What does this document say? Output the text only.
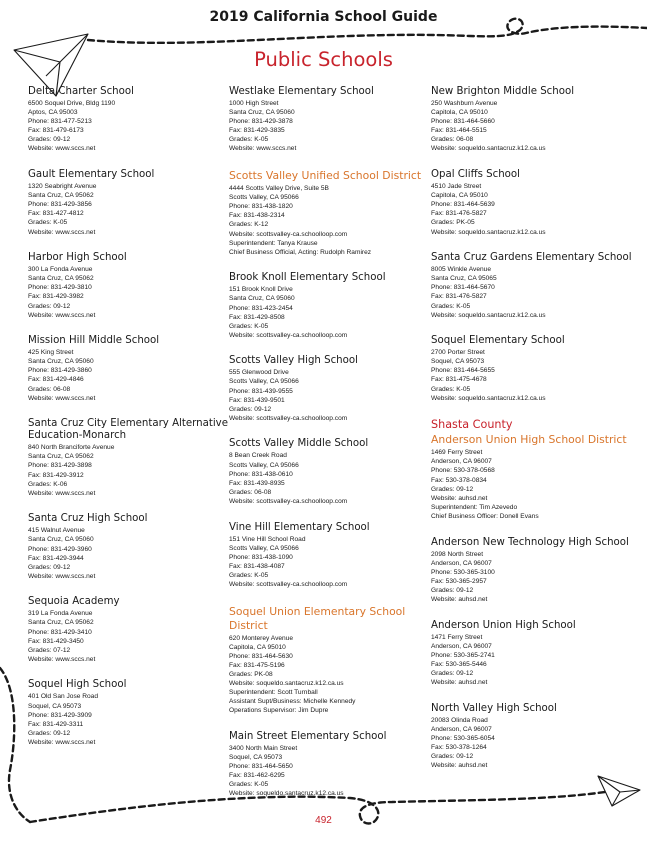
2019 California School Guide
Public Schools
Delta Charter School
6500 Soquel Drive, Bldg 1190
Aptos, CA 95003
Phone: 831-477-5213
Fax: 831-479-6173
Grades: 09-12
Website: www.sccs.net
Gault Elementary School
1320 Seabright Avenue
Santa Cruz, CA 95062
Phone: 831-429-3856
Fax: 831-427-4812
Grades: K-05
Website: www.sccs.net
Harbor High School
300 La Fonda Avenue
Santa Cruz, CA 95062
Phone: 831-429-3810
Fax: 831-429-3982
Grades: 09-12
Website: www.sccs.net
Mission Hill Middle School
425 King Street
Santa Cruz, CA 95060
Phone: 831-429-3860
Fax: 831-429-4846
Grades: 06-08
Website: www.sccs.net
Santa Cruz City Elementary Alternative Education-Monarch
840 North Branciforte Avenue
Santa Cruz, CA 95062
Phone: 831-429-3898
Fax: 831-429-3912
Grades: K-06
Website: www.sccs.net
Santa Cruz High School
415 Walnut Avenue
Santa Cruz, CA 95060
Phone: 831-429-3960
Fax: 831-429-3944
Grades: 09-12
Website: www.sccs.net
Sequoia Academy
319 La Fonda Avenue
Santa Cruz, CA 95062
Phone: 831-429-3410
Fax: 831-429-3450
Grades: 07-12
Website: www.sccs.net
Soquel High School
401 Old San Jose Road
Soquel, CA 95073
Phone: 831-429-3909
Fax: 831-429-3311
Grades: 09-12
Website: www.sccs.net
Westlake Elementary School
1000 High Street
Santa Cruz, CA 95060
Phone: 831-429-3878
Fax: 831-429-3835
Grades: K-05
Website: www.sccs.net
Scotts Valley Unified School District
4444 Scotts Valley Drive, Suite 5B
Scotts Valley, CA 95066
Phone: 831-438-1820
Fax: 831-438-2314
Grades: K-12
Website: scottsvalley-ca.schoolloop.com
Superintendent: Tanya Krause
Chief Business Official, Acting: Rudolph Ramirez
Brook Knoll Elementary School
151 Brook Knoll Drive
Santa Cruz, CA 95060
Phone: 831-423-2454
Fax: 831-429-8508
Grades: K-05
Website: scottsvalley-ca.schoolloop.com
Scotts Valley High School
555 Glenwood Drive
Scotts Valley, CA 95066
Phone: 831-439-9555
Fax: 831-439-9501
Grades: 09-12
Website: scottsvalley-ca.schoolloop.com
Scotts Valley Middle School
8 Bean Creek Road
Scotts Valley, CA 95066
Phone: 831-438-0610
Fax: 831-439-8935
Grades: 06-08
Website: scottsvalley-ca.schoolloop.com
Vine Hill Elementary School
151 Vine Hill School Road
Scotts Valley, CA 95066
Phone: 831-438-1090
Fax: 831-438-4087
Grades: K-05
Website: scottsvalley-ca.schoolloop.com
Soquel Union Elementary School District
620 Monterey Avenue
Capitola, CA 95010
Phone: 831-464-5630
Fax: 831-475-5196
Grades: PK-08
Website: soqueldo.santacruz.k12.ca.us
Superintendent: Scott Turnball
Assistant Supt/Business: Michelle Kennedy
Operations Supervisor: Jim Dupre
Main Street Elementary School
3400 North Main Street
Soquel, CA 95073
Phone: 831-464-5650
Fax: 831-462-6295
Grades: K-05
Website: soqueldo.santacruz.k12.ca.us
New Brighton Middle School
250 Washburn Avenue
Capitola, CA 95010
Phone: 831-464-5660
Fax: 831-464-5515
Grades: 06-08
Website: soqueldo.santacruz.k12.ca.us
Opal Cliffs School
4510 Jade Street
Capitola, CA 95010
Phone: 831-464-5639
Fax: 831-476-5827
Grades: PK-05
Website: soqueldo.santacruz.k12.ca.us
Santa Cruz Gardens Elementary School
8005 Winkle Avenue
Santa Cruz, CA 95065
Phone: 831-464-5670
Fax: 831-476-5827
Grades: K-05
Website: soqueldo.santacruz.k12.ca.us
Soquel Elementary School
2700 Porter Street
Soquel, CA 95073
Phone: 831-464-5655
Fax: 831-475-4678
Grades: K-05
Website: soqueldo.santacruz.k12.ca.us
Shasta County
Anderson Union High School District
1469 Ferry Street
Anderson, CA 96007
Phone: 530-378-0568
Fax: 530-378-0834
Grades: 09-12
Website: auhsd.net
Superintendent: Tim Azevedo
Chief Business Officer: Donell Evans
Anderson New Technology High School
2098 North Street
Anderson, CA 96007
Phone: 530-365-3100
Fax: 530-365-2957
Grades: 09-12
Website: auhsd.net
Anderson Union High School
1471 Ferry Street
Anderson, CA 96007
Phone: 530-365-2741
Fax: 530-365-5446
Grades: 09-12
Website: auhsd.net
North Valley High School
20083 Olinda Road
Anderson, CA 96007
Phone: 530-365-6054
Fax: 530-378-1264
Grades: 09-12
Website: auhsd.net
492
